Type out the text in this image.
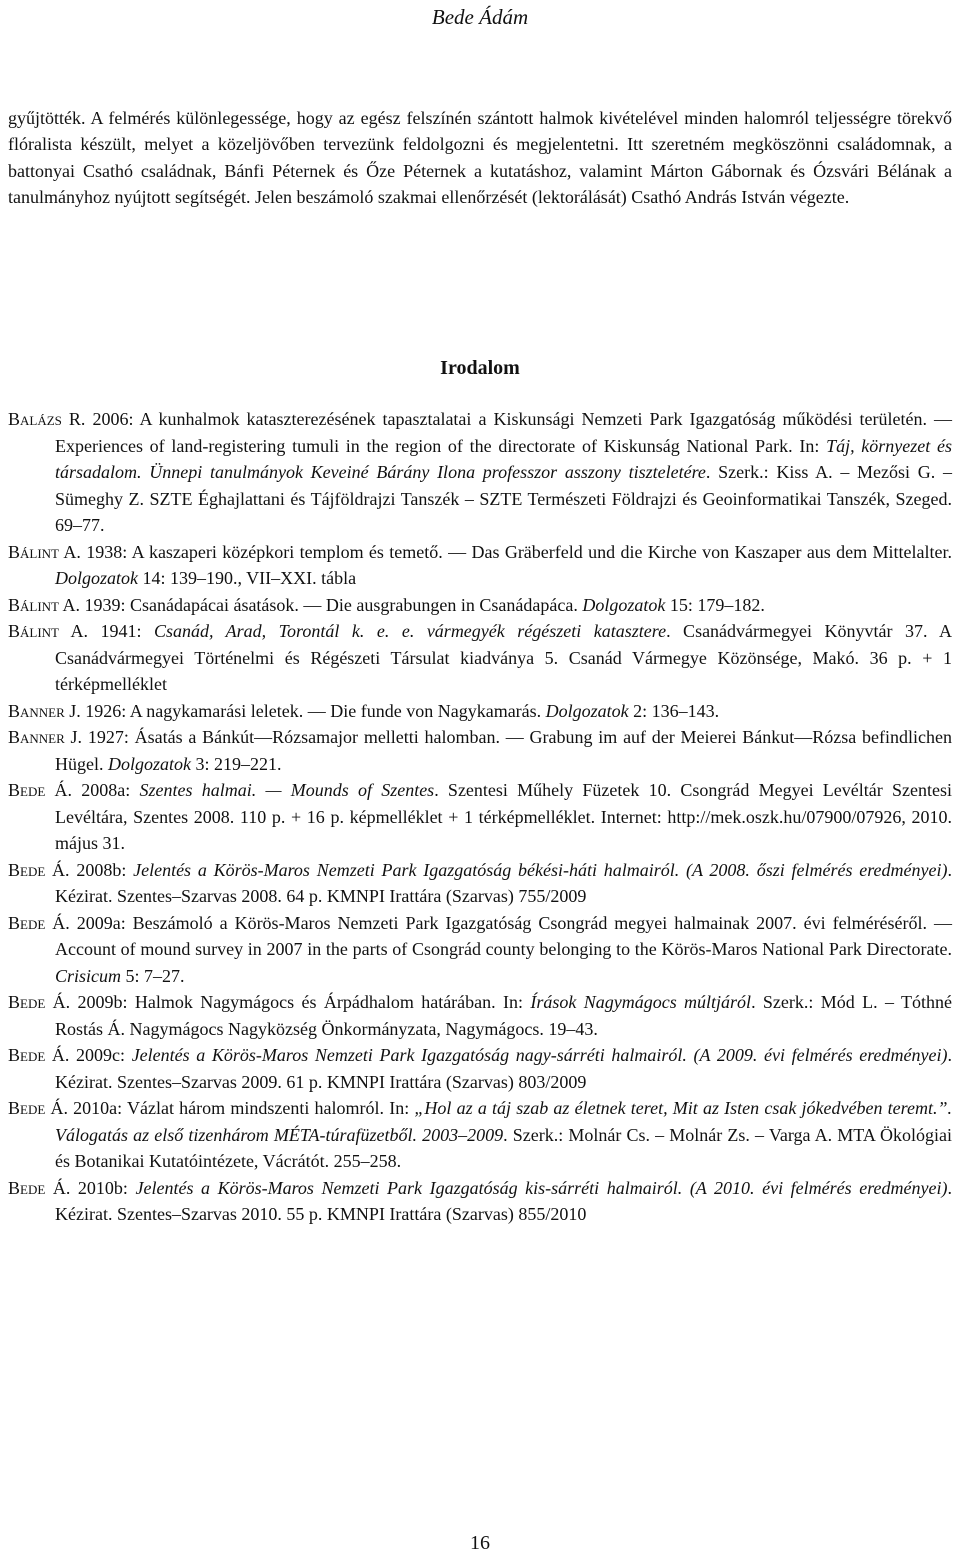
Bede Ádám

gyűjtötték. A felmérés különlegessége, hogy az egész felszínén szántott halmok kivételével minden halomról teljességre törekvő flóralista készült, melyet a közeljövőben tervezünk feldolgozni és megjelentetni. Itt szeretném megköszönni családomnak, a battonyai Csathó családnak, Bánfi Péternek és Őze Péternek a kutatáshoz, valamint Márton Gábornak és Ózsvári Bélának a tanulmányhoz nyújtott segítségét. Jelen beszámoló szakmai ellenőrzését (lektorálását) Csathó András István végezte.

Irodalom

Balázs R. 2006: A kunhalmok kataszterezésének tapasztalatai a Kiskunsági Nemzeti Park Igazgatóság működési területén. — Experiences of land-registering tumuli in the region of the directorate of Kiskunság National Park. In: Táj, környezet és társadalom. Ünnepi tanulmányok Keveiné Bárány Ilona professzor asszony tiszteletére. Szerk.: Kiss A. – Mezősi G. – Sümeghy Z. SZTE Éghajlattani és Tájföldrajzi Tanszék – SZTE Természeti Földrajzi és Geoinformatikai Tanszék, Szeged. 69–77.

Bálint A. 1938: A kaszaperi középkori templom és temető. — Das Gräberfeld und die Kirche von Kaszaper aus dem Mittelalter. Dolgozatok 14: 139–190., VII–XXI. tábla

Bálint A. 1939: Csanádapácai ásatások. — Die ausgrabungen in Csanádapáca. Dolgozatok 15: 179–182.

Bálint A. 1941: Csanád, Arad, Torontál k. e. e. vármegyék régészeti katasztere. Csanádvármegyei Könyvtár 37. A Csanádvármegyei Történelmi és Régészeti Társulat kiadványa 5. Csanád Vármegye Közönsége, Makó. 36 p. + 1 térképmelléklet

Banner J. 1926: A nagykamarási leletek. — Die funde von Nagykamarás. Dolgozatok 2: 136–143.

Banner J. 1927: Ásatás a Bánkút—Rózsamajor melletti halomban. — Grabung im auf der Meierei Bánkut—Rózsa befindlichen Hügel. Dolgozatok 3: 219–221.

Bede Á. 2008a: Szentes halmai. — Mounds of Szentes. Szentesi Műhely Füzetek 10. Csongrád Megyei Levéltár Szentesi Levéltára, Szentes 2008. 110 p. + 16 p. képmelléklet + 1 térképmelléklet. Internet: http://mek.oszk.hu/07900/07926, 2010. május 31.

Bede Á. 2008b: Jelentés a Körös-Maros Nemzeti Park Igazgatóság békési-háti halmairól. (A 2008. őszi felmérés eredményei). Kézirat. Szentes–Szarvas 2008. 64 p. KMNPI Irattára (Szarvas) 755/2009

Bede Á. 2009a: Beszámoló a Körös-Maros Nemzeti Park Igazgatóság Csongrád megyei halmainak 2007. évi felméréséről. — Account of mound survey in 2007 in the parts of Csongrád county belonging to the Körös-Maros National Park Directorate. Crisicum 5: 7–27.

Bede Á. 2009b: Halmok Nagymágocs és Árpádhalom határában. In: Írások Nagymágocs múltjáról. Szerk.: Mód L. – Tóthné Rostás Á. Nagymágocs Nagyközség Önkormányzata, Nagymágocs. 19–43.

Bede Á. 2009c: Jelentés a Körös-Maros Nemzeti Park Igazgatóság nagy-sárréti halmairól. (A 2009. évi felmérés eredményei). Kézirat. Szentes–Szarvas 2009. 61 p. KMNPI Irattára (Szarvas) 803/2009

Bede Á. 2010a: Vázlat három mindszenti halomról. In: „Hol az a táj szab az életnek teret, Mit az Isten csak jókedvében teremt.”. Válogatás az első tizenhárom MÉTA-túrafüzetből. 2003–2009. Szerk.: Molnár Cs. – Molnár Zs. – Varga A. MTA Ökológiai és Botanikai Kutatóintézete, Vácrátót. 255–258.

Bede Á. 2010b: Jelentés a Körös-Maros Nemzeti Park Igazgatóság kis-sárréti halmairól. (A 2010. évi felmérés eredményei). Kézirat. Szentes–Szarvas 2010. 55 p. KMNPI Irattára (Szarvas) 855/2010

16
